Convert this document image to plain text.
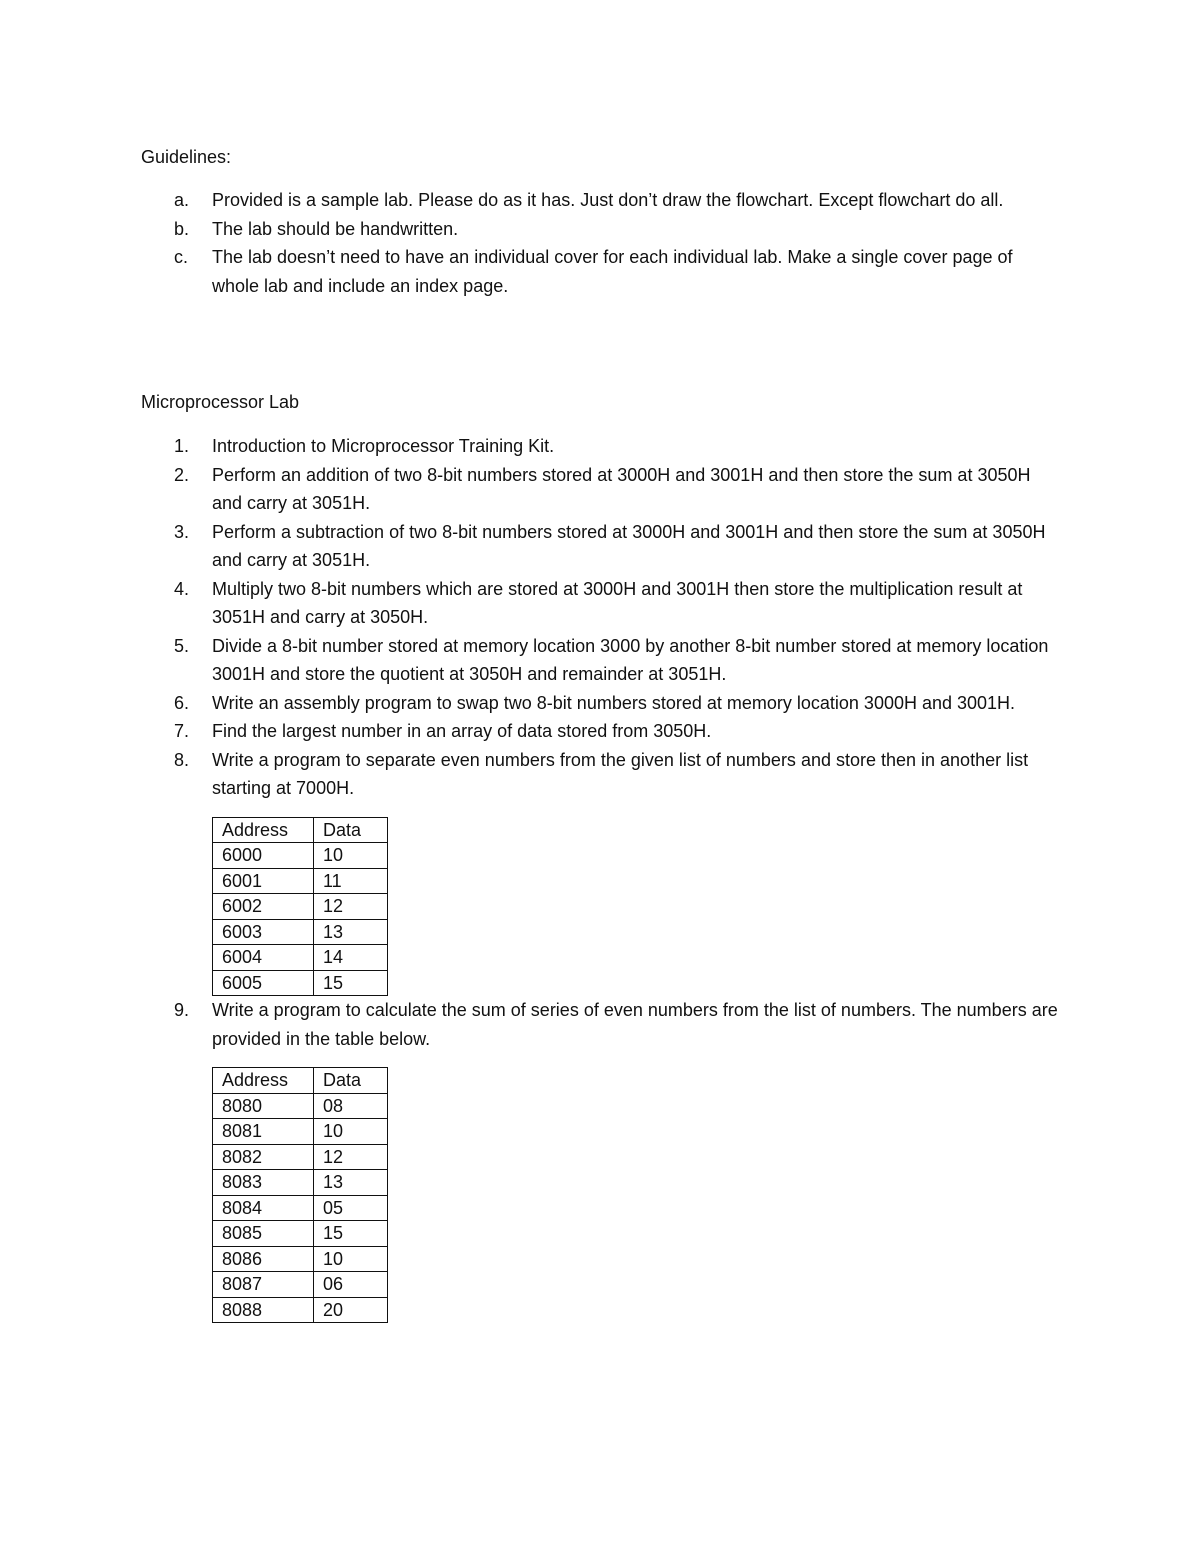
Guidelines:
a. Provided is a sample lab. Please do as it has. Just don’t draw the flowchart. Except flowchart do all.
b. The lab should be handwritten.
c. The lab doesn’t need to have an individual cover for each individual lab. Make a single cover page of whole lab and include an index page.
Microprocessor Lab
1. Introduction to Microprocessor Training Kit.
2. Perform an addition of two 8-bit numbers stored at 3000H and 3001H and then store the sum at 3050H and carry at 3051H.
3. Perform a subtraction of two 8-bit numbers stored at 3000H and 3001H and then store the sum at 3050H and carry at 3051H.
4. Multiply two 8-bit numbers which are stored at 3000H and 3001H then store the multiplication result at 3051H and carry at 3050H.
5. Divide a 8-bit number stored at memory location 3000 by another 8-bit number stored at memory location 3001H and store the quotient at 3050H and remainder at 3051H.
6. Write an assembly program to swap two 8-bit numbers stored at memory location 3000H and 3001H.
7. Find the largest number in an array of data stored from 3050H.
8. Write a program to separate even numbers from the given list of numbers and store then in another list starting at 7000H.
Address	Data
6000	10
6001	11
6002	12
6003	13
6004	14
6005	15
9. Write a program to calculate the sum of series of even numbers from the list of numbers. The numbers are provided in the table below.
Address	Data
8080	08
8081	10
8082	12
8083	13
8084	05
8085	15
8086	10
8087	06
8088	20
